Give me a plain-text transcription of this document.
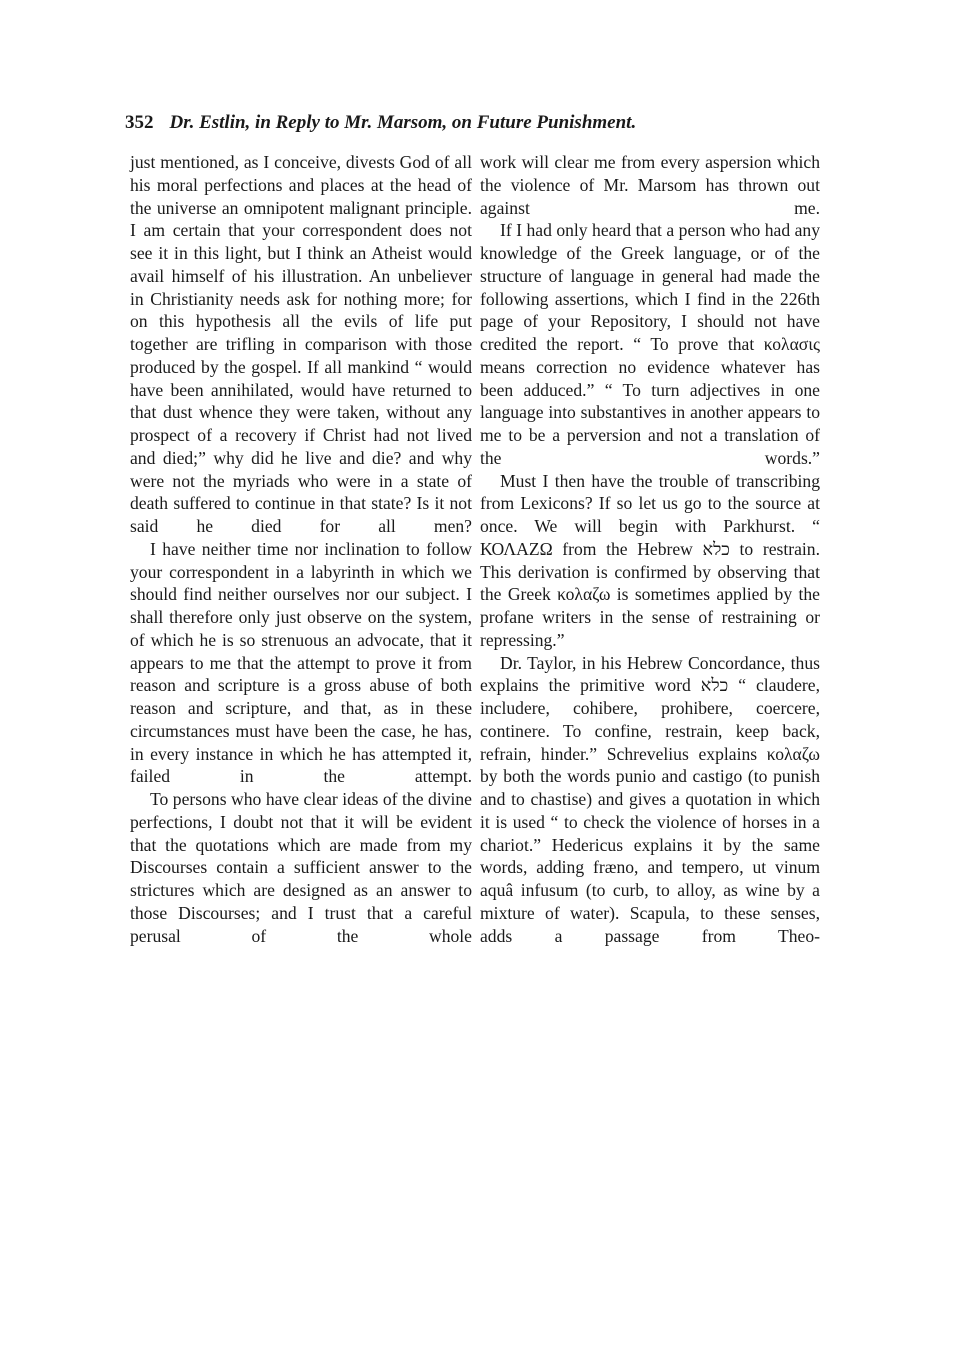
352 Dr. Estlin, in Reply to Mr. Marsom, on Future Punishment.

just mentioned, as I conceive, divests God of all his moral perfections and places at the head of the universe an omnipotent malignant principle. I am certain that your correspondent does not see it in this light, but I think an Atheist would avail himself of his illustration. An unbeliever in Christianity needs ask for nothing more; for on this hypothesis all the evils of life put together are trifling in comparison with those produced by the gospel. If all mankind “ would have been annihilated, would have returned to that dust whence they were taken, without any prospect of a recovery if Christ had not lived and died;” why did he live and die? and why were not the myriads who were in a state of death suffered to continue in that state? Is it not said he died for all men?

I have neither time nor inclination to follow your correspondent in a labyrinth in which we should find neither ourselves nor our subject. I shall therefore only just observe on the system, of which he is so strenuous an advocate, that it appears to me that the attempt to prove it from reason and scripture is a gross abuse of both reason and scripture, and that, as in these circumstances must have been the case, he has, in every instance in which he has attempted it, failed in the attempt.

To persons who have clear ideas of the divine perfections, I doubt not that it will be evident that the quotations which are made from my Discourses contain a sufficient answer to the strictures which are designed as an answer to those Discourses; and I trust that a careful perusal of the whole

work will clear me from every aspersion which the violence of Mr. Marsom has thrown out against me.

If I had only heard that a person who had any knowledge of the Greek language, or of the structure of language in general had made the following assertions, which I find in the 226th page of your Repository, I should not have credited the report. “ To prove that κολασις means correction no evidence whatever has been adduced.” “ To turn adjectives in one language into substantives in another appears to me to be a perversion and not a translation of the words.”

Must I then have the trouble of transcribing from Lexicons? If so let us go to the source at once. We will begin with Parkhurst. “ ΚΟΛΑΖΩ from the Hebrew כלא to restrain. This derivation is confirmed by observing that the Greek κολαζω is sometimes applied by the profane writers in the sense of restraining or repressing.”

Dr. Taylor, in his Hebrew Concordance, thus explains the primitive word כלא “ claudere, includere, cohibere, prohibere, coercere, continere. To confine, restrain, keep back, refrain, hinder.” Schrevelius explains κολαζω by both the words punio and castigo (to punish and to chastise) and gives a quotation in which it is used “ to check the violence of horses in a chariot.” Hedericus explains it by the same words, adding fræno, and tempero, ut vinum aquâ infusum (to curb, to alloy, as wine by a mixture of water). Scapula, to these senses, adds a passage from Theo-
